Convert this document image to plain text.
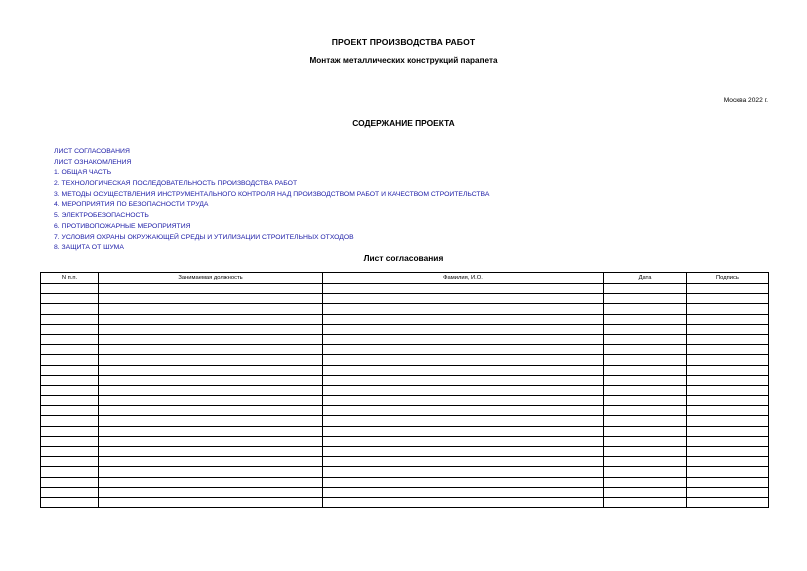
ПРОЕКТ ПРОИЗВОДСТВА РАБОТ
Монтаж металлических конструкций парапета
Москва 2022 г.
СОДЕРЖАНИЕ ПРОЕКТА
ЛИСТ СОГЛАСОВАНИЯ
ЛИСТ ОЗНАКОМЛЕНИЯ
1. ОБЩАЯ ЧАСТЬ
2. ТЕХНОЛОГИЧЕСКАЯ ПОСЛЕДОВАТЕЛЬНОСТЬ ПРОИЗВОДСТВА РАБОТ
3. МЕТОДЫ ОСУЩЕСТВЛЕНИЯ ИНСТРУМЕНТАЛЬНОГО КОНТРОЛЯ НАД ПРОИЗВОДСТВОМ РАБОТ И КАЧЕСТВОМ СТРОИТЕЛЬСТВА
4. МЕРОПРИЯТИЯ ПО БЕЗОПАСНОСТИ ТРУДА
5. ЭЛЕКТРОБЕЗОПАСНОСТЬ
6. ПРОТИВОПОЖАРНЫЕ МЕРОПРИЯТИЯ
7. УСЛОВИЯ ОХРАНЫ ОКРУЖАЮЩЕЙ СРЕДЫ И УТИЛИЗАЦИИ СТРОИТЕЛЬНЫХ ОТХОДОВ
8. ЗАЩИТА ОТ ШУМА
Лист согласования
N п.п.	Занимаемая должность	Фамилия, И.О.	Дата	Подпись
